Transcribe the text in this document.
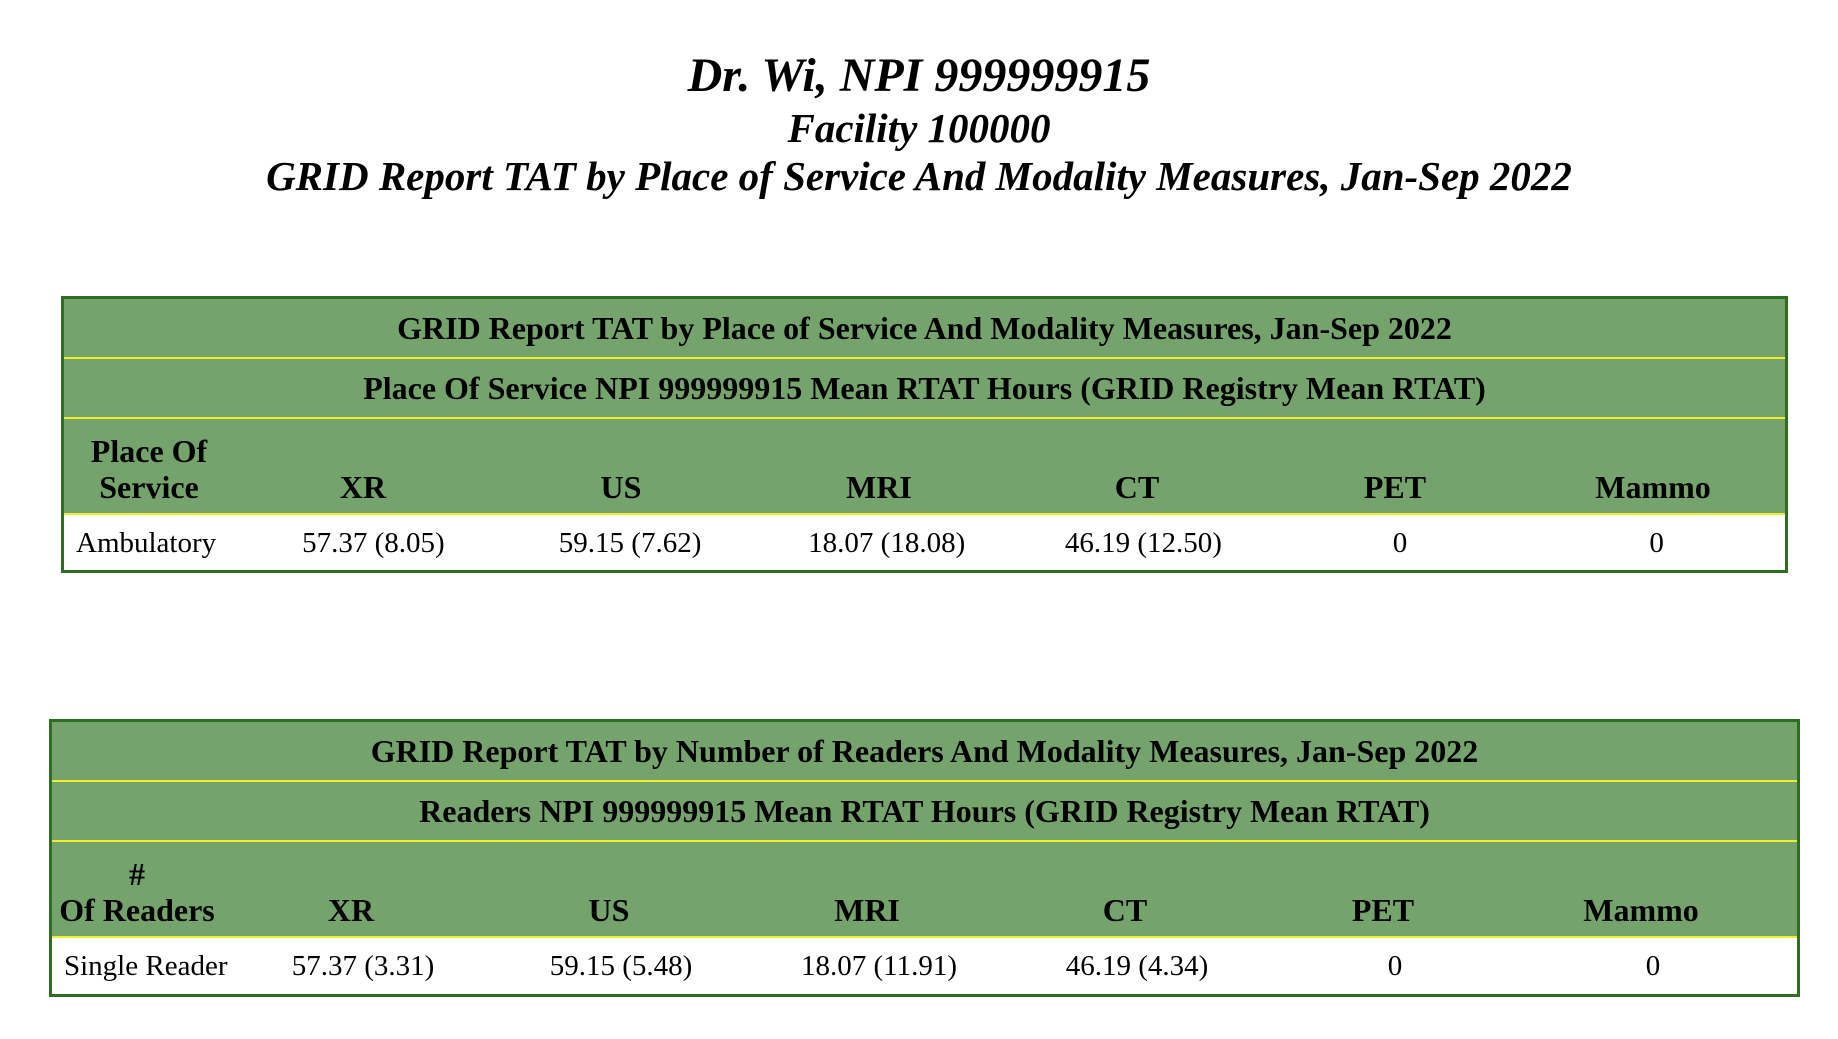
Dr. Wi, NPI 999999915
Facility 100000
GRID Report TAT by Place of Service And Modality Measures, Jan-Sep 2022
GRID Report TAT by Place of Service And Modality Measures, Jan-Sep 2022
Place Of Service NPI 999999915 Mean RTAT Hours (GRID Registry Mean RTAT)
Place Of
Service	XR	US	MRI	CT	PET	Mammo
Ambulatory	57.37 (8.05)	59.15 (7.62)	18.07 (18.08)	46.19 (12.50)	0	0
GRID Report TAT by Number of Readers And Modality Measures, Jan-Sep 2022
Readers NPI 999999915 Mean RTAT Hours (GRID Registry Mean RTAT)
#
Of Readers	XR	US	MRI	CT	PET	Mammo
Single Reader	57.37 (3.31)	59.15 (5.48)	18.07 (11.91)	46.19 (4.34)	0	0
